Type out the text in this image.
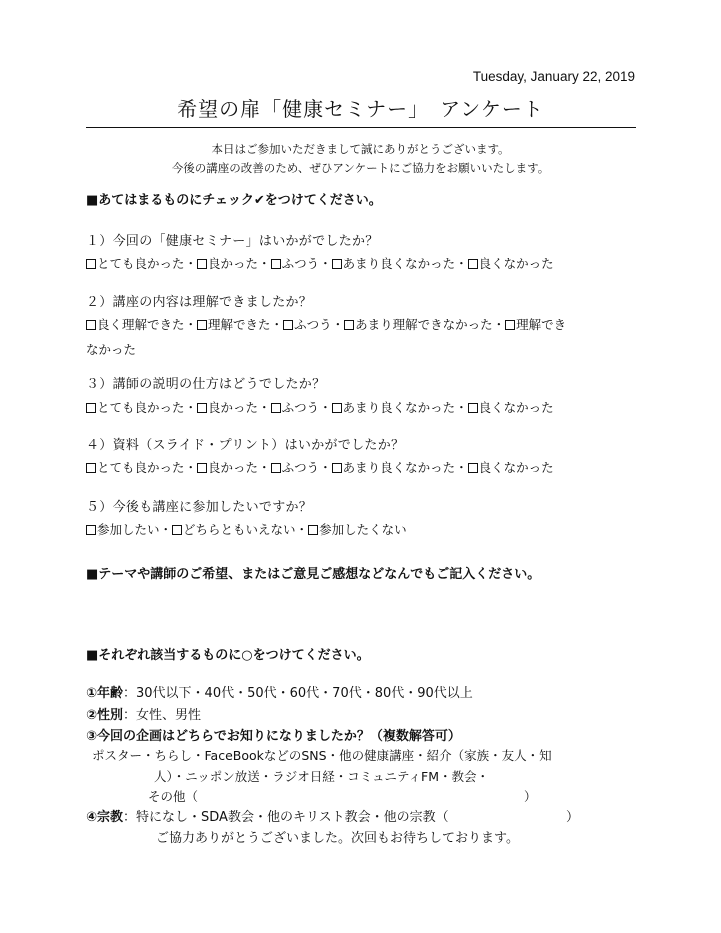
Tuesday, January 22, 2019
希望の扉「健康セミナー」　アンケート
本日はご参加いただきまして誠にありがとうございます。
今後の講座の改善のため、ぜひアンケートにご協力をお願いいたします。
■あてはまるものにチェック✔をつけてください。
１）今回の「健康セミナー」はいかがでしたか？
とても良かった・ 良かった・ ふつう・ あまり良くなかった・ 良くなかった
２）講座の内容は理解できましたか？
良く理解できた・ 理解できた・ ふつう・ あまり理解できなかった・ 理解でき
なかった
３）講師の説明の仕方はどうでしたか？
とても良かった・ 良かった・ ふつう・ あまり良くなかった・ 良くなかった
４）資料（スライド・プリント）はいかがでしたか？
とても良かった・ 良かった・ ふつう・ あまり良くなかった・ 良くなかった
５）今後も講座に参加したいですか？
参加したい・ どちらともいえない・ 参加したくない
■テーマや講師のご希望、またはご意見ご感想などなんでもご記入ください。
■それぞれ該当するものに○をつけてください。
①年齢：30代以下・40代・50代・60代・70代・80代・90代以上
②性別：女性、男性
③今回の企画はどちらでお知りになりましたか？（複数解答可）
ポスター・ちらし・FaceBookなどのSNS・他の健康講座・紹介（家族・友人・知
人）・ニッポン放送・ラジオ日経・コミュニティFM・教会・
その他（	）
④宗教：特になし・SDA教会・他のキリスト教会・他の宗教（	）
ご協力ありがとうございました。次回もお待ちしております。
